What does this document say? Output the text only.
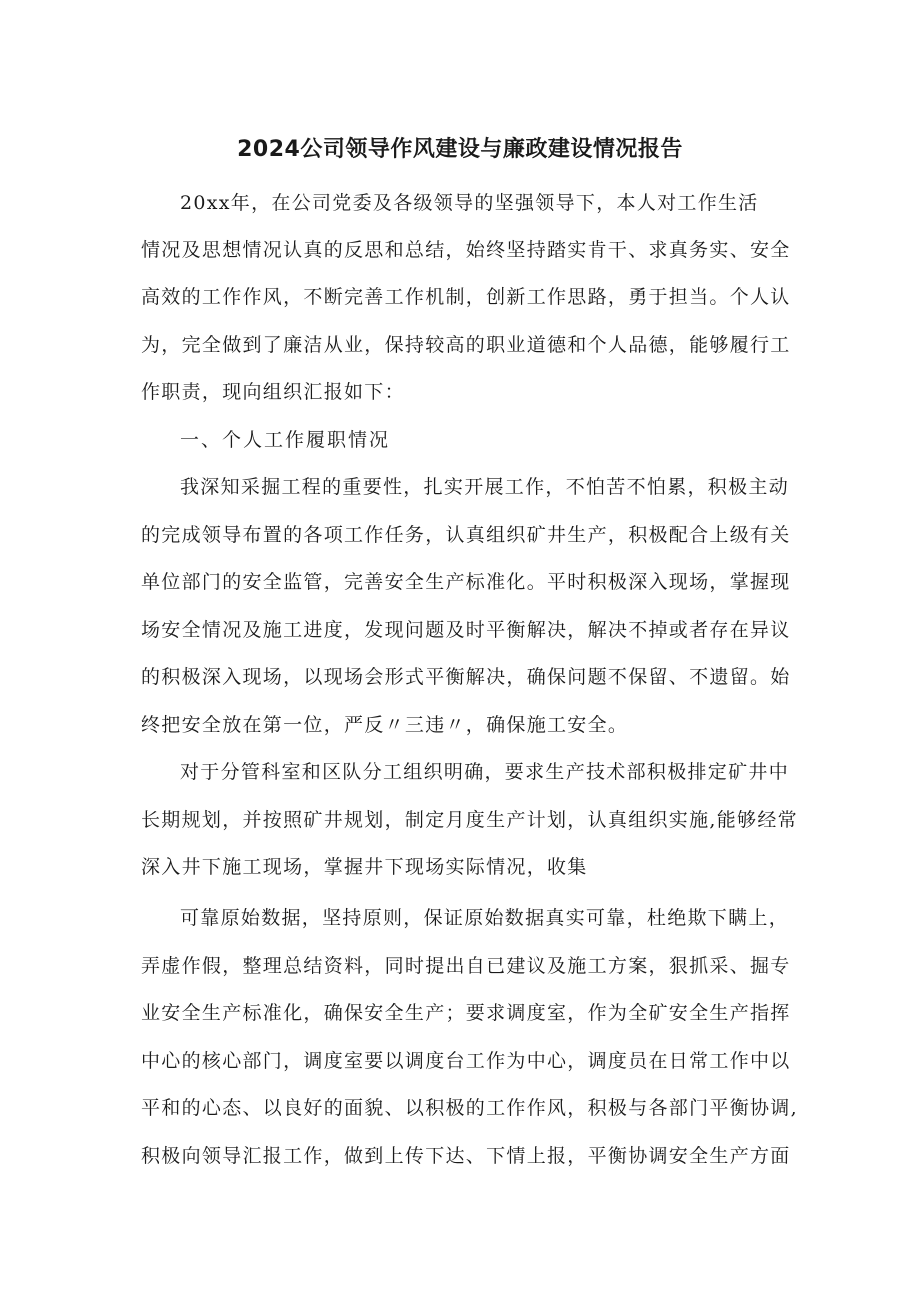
2024公司领导作风建设与廉政建设情况报告
20xx年，在公司党委及各级领导的坚强领导下，本人对工作生活
情况及思想情况认真的反思和总结，始终坚持踏实肯干、求真务实、安全
高效的工作作风，不断完善工作机制，创新工作思路，勇于担当。个人认
为，完全做到了廉洁从业，保持较高的职业道德和个人品德，能够履行工
作职责，现向组织汇报如下：
一、个人工作履职情况
我深知采掘工程的重要性，扎实开展工作，不怕苦不怕累，积极主动
的完成领导布置的各项工作任务，认真组织矿井生产，积极配合上级有关
单位部门的安全监管，完善安全生产标准化。平时积极深入现场，掌握现
场安全情况及施工进度，发现问题及时平衡解决，解决不掉或者存在异议
的积极深入现场，以现场会形式平衡解决，确保问题不保留、不遗留。始
终把安全放在第一位，严反〃三违〃，确保施工安全。
对于分管科室和区队分工组织明确，要求生产技术部积极排定矿井中
长期规划，并按照矿井规划，制定月度生产计划，认真组织实施,能够经常
深入井下施工现场，掌握井下现场实际情况，收集
可靠原始数据，坚持原则，保证原始数据真实可靠，杜绝欺下瞒上，
弄虚作假，整理总结资料，同时提出自已建议及施工方案，狠抓采、掘专
业安全生产标准化，确保安全生产；要求调度室，作为全矿安全生产指挥
中心的核心部门，调度室要以调度台工作为中心，调度员在日常工作中以
平和的心态、以良好的面貌、以积极的工作作风，积极与各部门平衡协调,
积极向领导汇报工作，做到上传下达、下情上报，平衡协调安全生产方面
